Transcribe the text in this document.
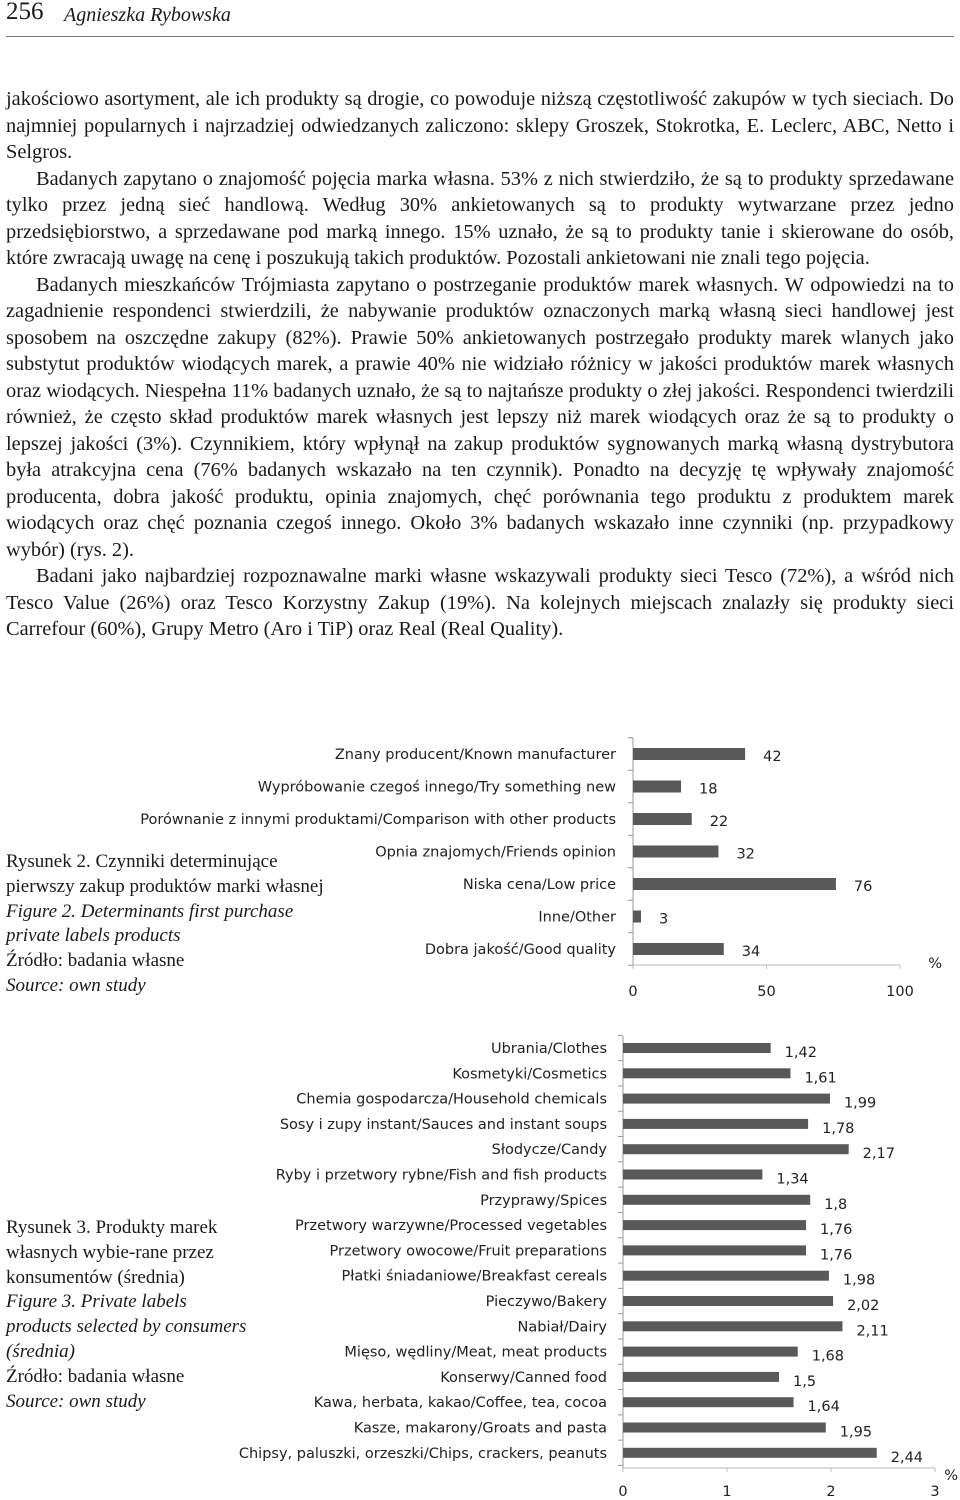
256 Agnieszka Rybowska

jakościowo asortyment, ale ich produkty są drogie, co powoduje niższą częstotliwość zakupów w tych sieciach. Do najmniej popularnych i najrzadziej odwiedzanych zaliczono: sklepy Groszek, Stokrotka, E. Leclerc, ABC, Netto i Selgros.

Badanych zapytano o znajomość pojęcia marka własna. 53% z nich stwierdziło, że są to produkty sprzedawane tylko przez jedną sieć handlową. Według 30% ankietowanych są to produkty wytwarzane przez jedno przedsiębiorstwo, a sprzedawane pod marką innego. 15% uznało, że są to produkty tanie i skierowane do osób, które zwracają uwagę na cenę i poszukują takich produktów. Pozostali ankietowani nie znali tego pojęcia.

Badanych mieszkańców Trójmiasta zapytano o postrzeganie produktów marek własnych. W odpowiedzi na to zagadnienie respondenci stwierdzili, że nabywanie produktów oznaczonych marką własną sieci handlowej jest sposobem na oszczędne zakupy (82%). Prawie 50% ankietowanych postrzegało produkty marek wlanych jako substytut produktów wiodących marek, a prawie 40% nie widziało różnicy w jakości produktów marek własnych oraz wiodących. Niespełna 11% badanych uznało, że są to najtańsze produkty o złej jakości. Respondenci twierdzili również, że często skład produktów marek własnych jest lepszy niż marek wiodących oraz że są to produkty o lepszej jakości (3%). Czynnikiem, który wpłynął na zakup produktów sygnowanych marką własną dystrybutora była atrakcyjna cena (76% badanych wskazało na ten czynnik). Ponadto na decyzję tę wpływały znajomość producenta, dobra jakość produktu, opinia znajomych, chęć porównania tego produktu z produktem marek wiodących oraz chęć poznania czegoś innego. Około 3% badanych wskazało inne czynniki (np. przypadkowy wybór) (rys. 2).

Badani jako najbardziej rozpoznawalne marki własne wskazywali produkty sieci Tesco (72%), a wśród nich Tesco Value (26%) oraz Tesco Korzystny Zakup (19%). Na kolejnych miejscach znalazły się produkty sieci Carrefour (60%), Grupy Metro (Aro i TiP) oraz Real (Real Quality).

Rysunek 2. Czynniki determinujące pierwszy zakup produktów marki własnej
Figure 2. Determinants first purchase private labels products
Źródło: badania własne
Source: own study
Rysunek 3. Produkty marek własnych wybie-rane przez konsumentów (średnia)
Figure 3. Private labels products selected by consumers (średnia)
Źródło: badania własne
Source: own study
Znany producent/Known manufacturer	42
Wypróbowanie czegoś innego/Try something new	18
Porównanie z innymi produktami/Comparison with other products	22
Opnia znajomych/Friends opinion	32
Niska cena/Low price	76
Inne/Other	3
Dobra jakość/Good quality	34
0	50	100
%
Ubrania/Clothes	1,42
Kosmetyki/Cosmetics	1,61
Chemia gospodarcza/Household chemicals	1,99
Sosy i zupy instant/Sauces and instant soups	1,78
Słodycze/Candy	2,17
Ryby i przetwory rybne/Fish and fish products	1,34
Przyprawy/Spices	1,8
Przetwory warzywne/Processed vegetables	1,76
Przetwory owocowe/Fruit preparations	1,76
Płatki śniadaniowe/Breakfast cereals	1,98
Pieczywo/Bakery	2,02
Nabiał/Dairy	2,11
Mięso, wędliny/Meat, meat products	1,68
Konserwy/Canned food	1,5
Kawa, herbata, kakao/Coffee, tea, cocoa	1,64
Kasze, makarony/Groats and pasta	1,95
Chipsy, paluszki, orzeszki/Chips, crackers, peanuts	2,44
0	1	2	3
%
